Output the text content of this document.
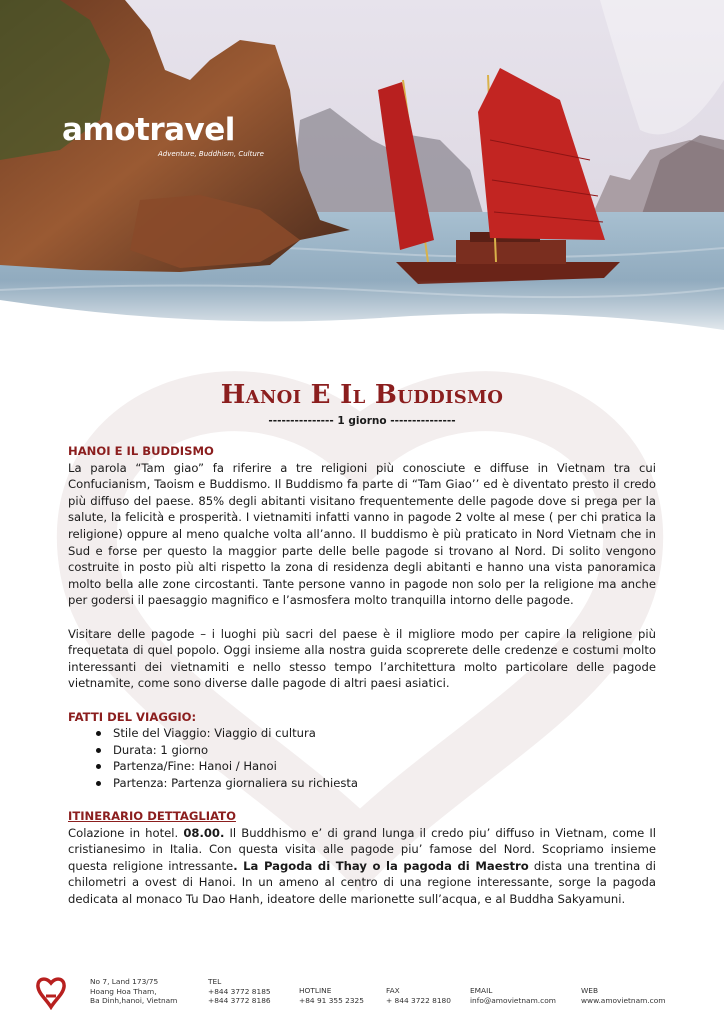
amotravel
Adventure, Buddhism, Culture
Hanoi E Il Buddismo
--------------- 1 giorno ---------------

HANOI E IL BUDDISMO

La parola “Tam giao” fa riferire a tre religioni più conosciute e diffuse in Vietnam tra cui Confucianism, Taoism e Buddismo. Il Buddismo fa parte di “Tam Giao’’ ed è diventato presto il credo più diffuso del paese. 85% degli abitanti visitano frequentemente delle pagode dove si prega per la salute, la felicità e prosperità. I vietnamiti infatti vanno in pagode 2 volte al mese ( per chi pratica la religione) oppure al meno qualche volta all’anno. Il buddismo è più praticato in Nord Vietnam che in Sud e forse per questo la maggior parte delle belle pagode si trovano al Nord. Di solito vengono costruite in posto più alti rispetto la zona di residenza degli abitanti e hanno una vista panoramica molto bella alle zone circostanti. Tante persone vanno in pagode non solo per la religione ma anche per godersi il paesaggio magnifico e l’asmosfera molto tranquilla intorno delle pagode.

Visitare delle pagode – i luoghi più sacri del paese è il migliore modo per capire la religione più frequetata di quel popolo. Oggi insieme alla nostra guida scoprerete delle credenze e costumi molto interessanti dei vietnamiti e nello stesso tempo l’architettura molto particolare delle pagode vietnamite, come sono diverse dalle pagode di altri paesi asiatici.

FATTI DEL VIAGGIO:

Stile del Viaggio: Viaggio di cultura
Durata: 1 giorno
Partenza/Fine: Hanoi / Hanoi
Partenza: Partenza giornaliera su richiesta

ITINERARIO DETTAGLIATO

Colazione in hotel. 08.00. Il Buddhismo e’ di grand lunga il credo piu’ diffuso in Vietnam, come Il cristianesimo in Italia. Con questa visita alle pagode piu’ famose del Nord. Scopriamo insieme questa religione intressante. La Pagoda di Thay o la pagoda di Maestro dista una trentina di chilometri a ovest di Hanoi. In un ameno al centro di una regione interessante, sorge la pagoda dedicata al monaco Tu Dao Hanh, ideatore delle marionette sull’acqua, e al Buddha Sakyamuni.

No 7, Land 173/75
Hoang Hoa Tham,
Ba Dinh,hanoi, Vietnam
TEL
+844 3772 8185
+844 3772 8186
HOTLINE
+84 91 355 2325
FAX
+ 844 3722 8180
EMAIL
info@amovietnam.com
WEB
www.amovietnam.com
